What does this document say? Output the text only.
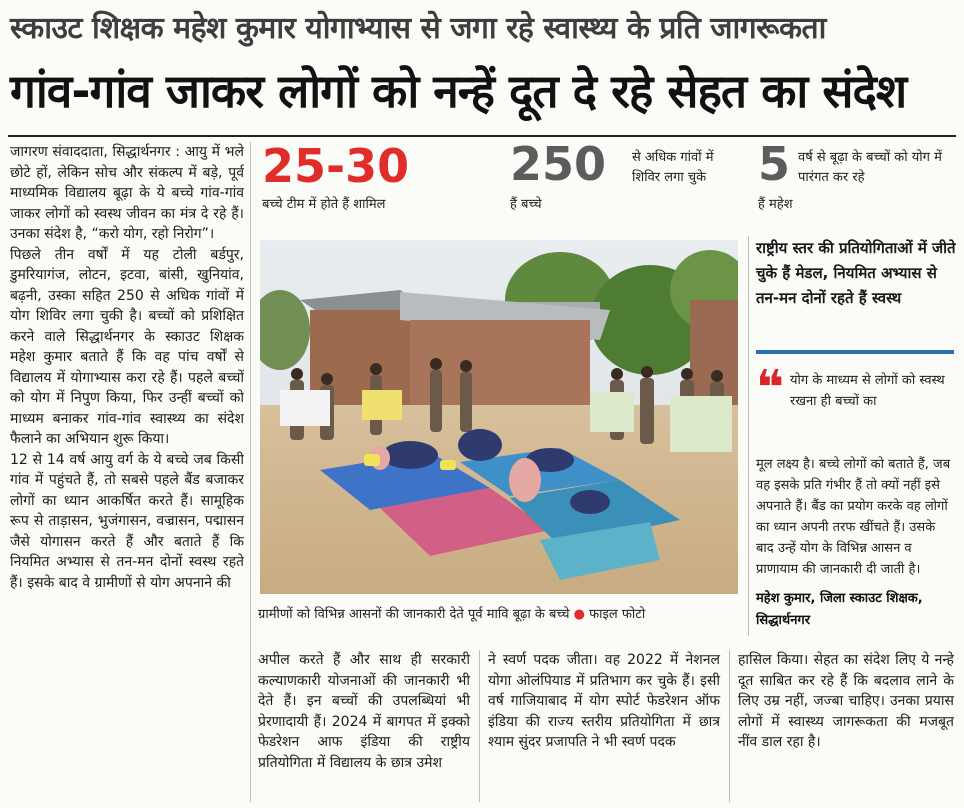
स्काउट शिक्षक महेश कुमार योगाभ्यास से जगा रहे स्वास्थ्य के प्रति जागरूकता
गांव-गांव जाकर लोगों को नन्हें दूत दे रहे सेहत का संदेश

जागरण संवाददाता, सिद्धार्थनगर : आयु में भले छोटे हों, लेकिन सोच और संकल्प में बड़े, पूर्व माध्यमिक विद्यालय बूढ़ा के ये बच्चे गांव-गांव जाकर लोगों को स्वस्थ जीवन का मंत्र दे रहे हैं। उनका संदेश है, “करो योग, रहो निरोग”।

पिछले तीन वर्षों में यह टोली बर्डपुर, डुमरियागंज, लोटन, इटवा, बांसी, खुनियांव, बढ़नी, उस्का सहित 250 से अधिक गांवों में योग शिविर लगा चुकी है। बच्चों को प्रशिक्षित करने वाले सिद्धार्थनगर के स्काउट शिक्षक महेश कुमार बताते हैं कि वह पांच वर्षों से विद्यालय में योगाभ्यास करा रहे हैं। पहले बच्चों को योग में निपुण किया, फिर उन्हीं बच्चों को माध्यम बनाकर गांव-गांव स्वास्थ्य का संदेश फैलाने का अभियान शुरू किया।

12 से 14 वर्ष आयु वर्ग के ये बच्चे जब किसी गांव में पहुंचते हैं, तो सबसे पहले बैंड बजाकर लोगों का ध्यान आकर्षित करते हैं। सामूहिक रूप से ताड़ासन, भुजंगासन, वज्रासन, पद्मासन जैसे योगासन करते हैं और बताते हैं कि नियमित अभ्यास से तन-मन दोनों स्वस्थ रहते हैं। इसके बाद वे ग्रामीणों से योग अपनाने की

25-30
बच्चे टीम में होते हैं शामिल
250 से अधिक गांवों में शिविर लगा चुके
हैं बच्चे
5 वर्ष से बूढ़ा के बच्चों को योग में पारंगत कर रहे
हैं महेश
ग्रामीणों को विभिन्न आसनों की जानकारी देते पूर्व मावि बूढ़ा के बच्चे ● फाइल फोटो
राष्ट्रीय स्तर की प्रतियोगिताओं में जीते चुके हैं मेडल, नियमित अभ्यास से तन-मन दोनों रहते हैं स्वस्थ
❝ योग के माध्यम से लोगों को स्वस्थ रखना ही बच्चों का
मूल लक्ष्य है। बच्चे लोगों को बताते हैं, जब वह इसके प्रति गंभीर हैं तो क्यों नहीं इसे अपनाते हैं। बैंड का प्रयोग करके वह लोगों का ध्यान अपनी तरफ खींचते हैं। उसके बाद उन्हें योग के विभिन्न आसन व प्राणायाम की जानकारी दी जाती है।
महेश कुमार, जिला स्काउट शिक्षक,
सिद्धार्थनगर
अपील करते हैं और साथ ही सरकारी कल्याणकारी योजनाओं की जानकारी भी देते हैं। इन बच्चों की उपलब्धियां भी प्रेरणादायी हैं। 2024 में बागपत में इक्को फेडरेशन आफ इंडिया की राष्ट्रीय प्रतियोगिता में विद्यालय के छात्र उमेश
ने स्वर्ण पदक जीता। वह 2022 में नेशनल योगा ओलंपियाड में प्रतिभाग कर चुके हैं। इसी वर्ष गाजियाबाद में योग स्पोर्ट फेडरेशन ऑफ इंडिया की राज्य स्तरीय प्रतियोगिता में छात्र श्याम सुंदर प्रजापति ने भी स्वर्ण पदक
हासिल किया। सेहत का संदेश लिए ये नन्हे दूत साबित कर रहे हैं कि बदलाव लाने के लिए उम्र नहीं, जज्बा चाहिए। उनका प्रयास लोगों में स्वास्थ्य जागरूकता की मजबूत नींव डाल रहा है।
